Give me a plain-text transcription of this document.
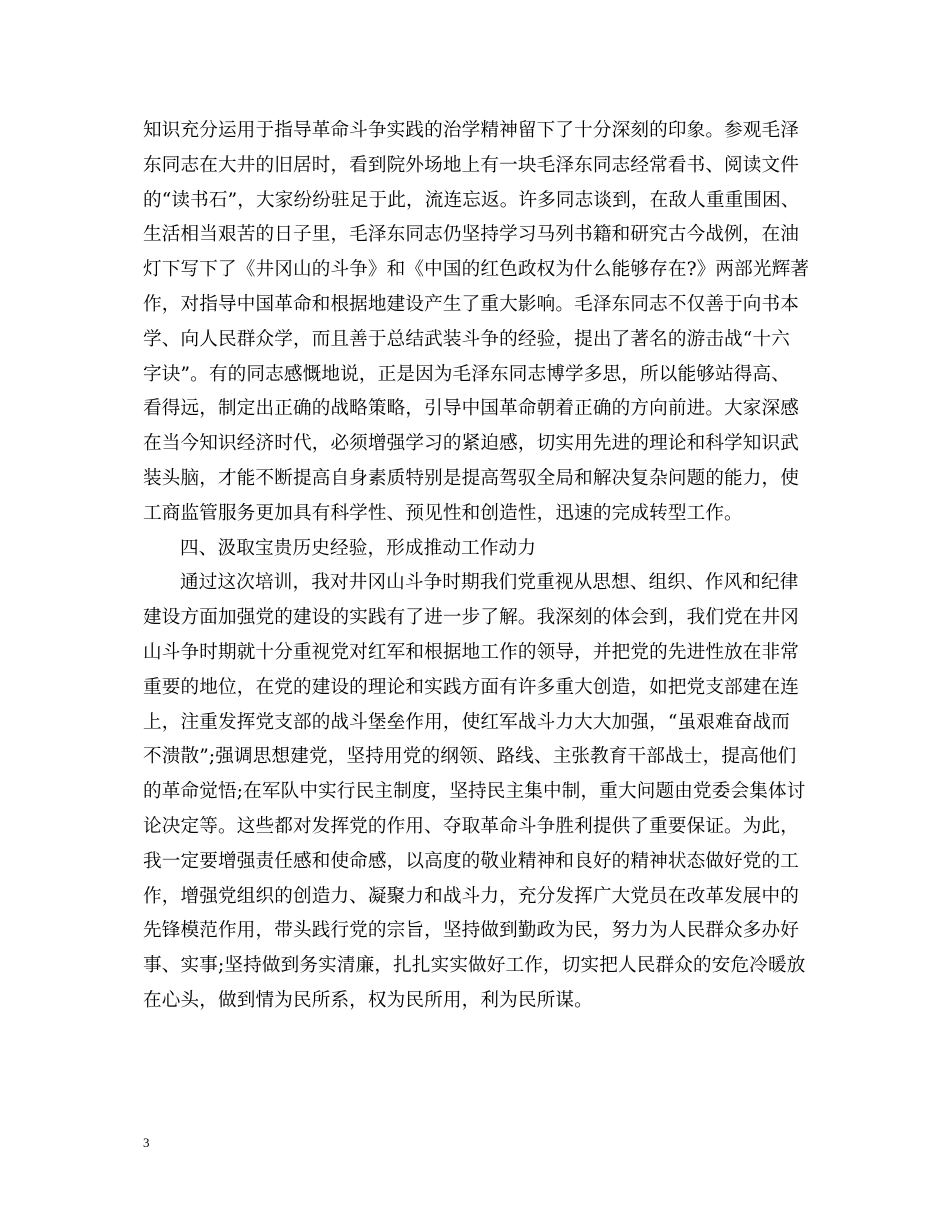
知识充分运用于指导革命斗争实践的治学精神留下了十分深刻的印象。参观毛泽
东同志在大井的旧居时，看到院外场地上有一块毛泽东同志经常看书、阅读文件
的“读书石”，大家纷纷驻足于此，流连忘返。许多同志谈到，在敌人重重围困、
生活相当艰苦的日子里，毛泽东同志仍坚持学习马列书籍和研究古今战例，在油
灯下写下了《井冈山的斗争》和《中国的红色政权为什么能够存在?》两部光辉著
作，对指导中国革命和根据地建设产生了重大影响。毛泽东同志不仅善于向书本
学、向人民群众学，而且善于总结武装斗争的经验，提出了著名的游击战“十六
字诀”。有的同志感慨地说，正是因为毛泽东同志博学多思，所以能够站得高、
看得远，制定出正确的战略策略，引导中国革命朝着正确的方向前进。大家深感
在当今知识经济时代，必须增强学习的紧迫感，切实用先进的理论和科学知识武
装头脑，才能不断提高自身素质特别是提高驾驭全局和解决复杂问题的能力，使
工商监管服务更加具有科学性、预见性和创造性，迅速的完成转型工作。
四、汲取宝贵历史经验，形成推动工作动力
通过这次培训，我对井冈山斗争时期我们党重视从思想、组织、作风和纪律
建设方面加强党的建设的实践有了进一步了解。我深刻的体会到，我们党在井冈
山斗争时期就十分重视党对红军和根据地工作的领导，并把党的先进性放在非常
重要的地位，在党的建设的理论和实践方面有许多重大创造，如把党支部建在连
上，注重发挥党支部的战斗堡垒作用，使红军战斗力大大加强，“虽艰难奋战而
不溃散”;强调思想建党，坚持用党的纲领、路线、主张教育干部战士，提高他们
的革命觉悟;在军队中实行民主制度，坚持民主集中制，重大问题由党委会集体讨
论决定等。这些都对发挥党的作用、夺取革命斗争胜利提供了重要保证。为此，
我一定要增强责任感和使命感，以高度的敬业精神和良好的精神状态做好党的工
作，增强党组织的创造力、凝聚力和战斗力，充分发挥广大党员在改革发展中的
先锋模范作用，带头践行党的宗旨，坚持做到勤政为民，努力为人民群众多办好
事、实事;坚持做到务实清廉，扎扎实实做好工作，切实把人民群众的安危冷暖放
在心头，做到情为民所系，权为民所用，利为民所谋。
3
